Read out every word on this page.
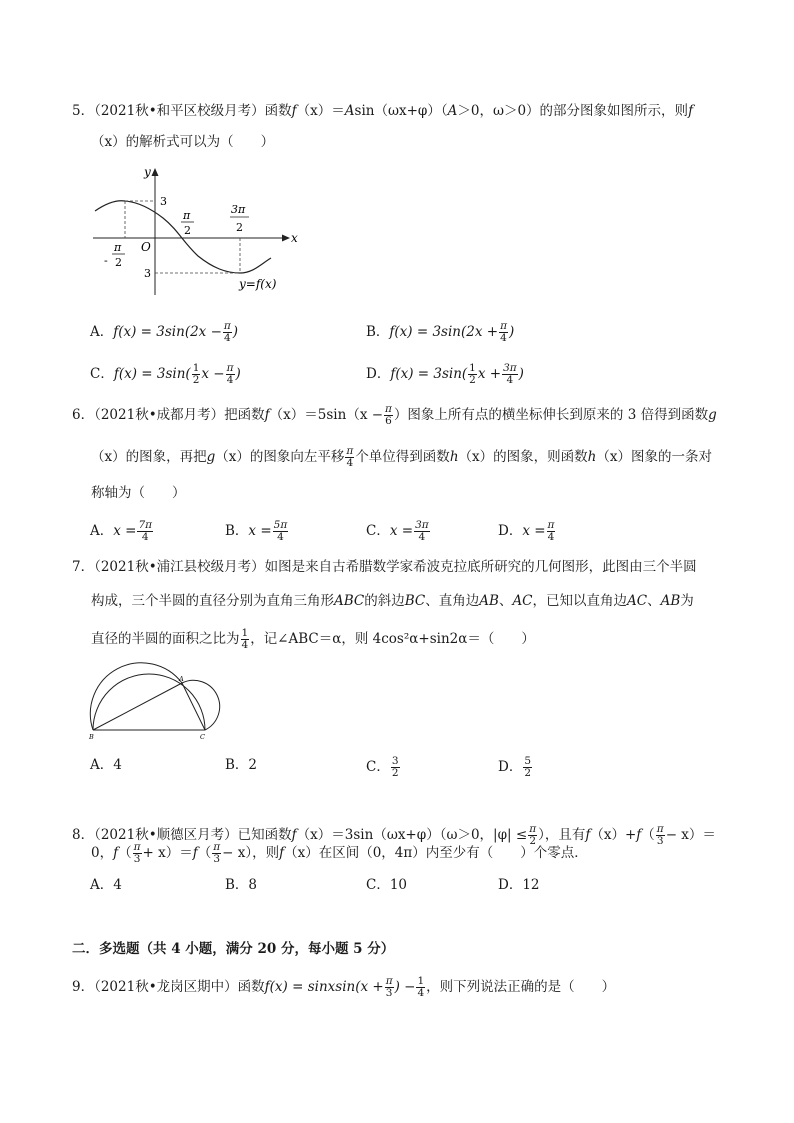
5．（2021秋•和平区校级月考）函数f（x）＝Asin（ωx+φ）（A＞0，ω＞0）的部分图象如图所示，则f
（x）的解析式可以为（　　）
y
x
O
3
3
-
π
2
π
2
3π
2
y=f(x)
A．$f(x) = 3\sin(2x - \frac{\pi}{4}$ )	B．$f(x) = 3\sin(2x + \frac{\pi}{4}$ )
C．$f(x) = 3\sin( \frac{1}{2}$ $x - \frac{\pi}{4}$ )	D．$f(x) = 3\sin( \frac{1}{2}$ $x + \frac{3\pi}{4}$ )
6．（2021秋•成都月考）把函数$f(x)=5\sin(x - \frac{\pi}{6}$ ）图象上所有点的横坐标伸长到原来的 3 倍得到函数g
（x）的图象，再把g（x）的图象向左平移 $\frac{\pi}{4}$ 个单位得到函数h（x）的图象，则函数h（x）图象的一条对
称轴为（　　）
A．$x = \frac{7\pi}{4}$	B．$x = \frac{5\pi}{4}$	C．$x = \frac{3\pi}{4}$	D．$x = \frac{\pi}{4}$
7．（2021秋•浦江县校级月考）如图是来自古希腊数学家希波克拉底所研究的几何图形，此图由三个半圆
构成，三个半圆的直径分别为直角三角形ABC的斜边BC、直角边AB、AC，已知以直角边AC、AB为
直径的半圆的面积之比为 $\frac{1}{4}$ ，记∠ABC＝α，则 4cos²α+sin2α＝（　　）
A
B	C
A．4	B．2	C． $\frac{3}{2}$	D． $\frac{5}{2}$
8．（2021秋•顺德区月考）已知函数f（x）＝3sin（ωx+φ）（ω＞0，$|\varphi| \le \frac{\pi}{2}$ ），且有$f(x)+f( \frac{\pi}{3} - x)=$
0，$f( \frac{\pi}{3} + x)=f( \frac{\pi}{3} - x)$，则f（x）在区间（0，4π）内至少有（　　）个零点．
A．4	B．8	C．10	D．12
二．多选题（共 4 小题，满分 20 分，每小题 5 分）
9．（2021秋•龙岗区期中）函数f(x) = sinxsin(x + $\frac{\pi}{3}$ ) − $\frac{1}{4}$ ，则下列说法正确的是（　　）
